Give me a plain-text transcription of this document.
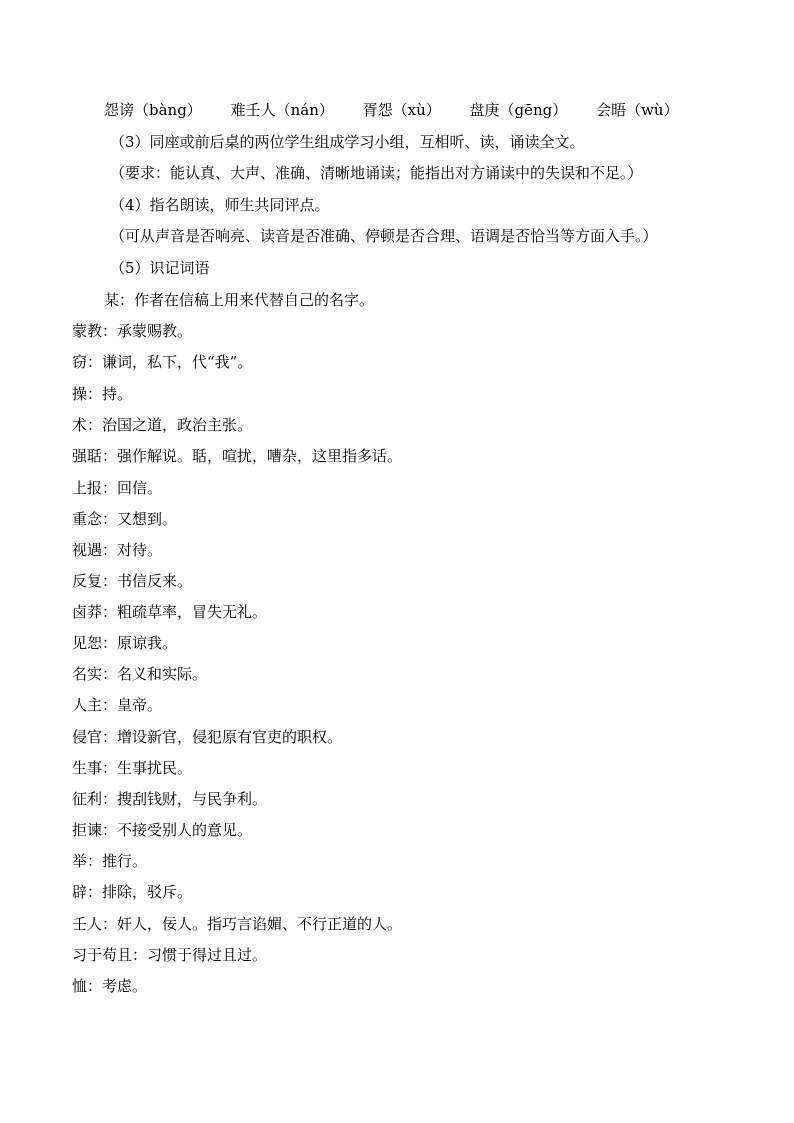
怨谤（bàng） 难壬人（nán） 胥怨（xù） 盘庚（gēng） 会晤（wù）
（3）同座或前后桌的两位学生组成学习小组，互相听、读，诵读全文。
（要求：能认真、大声、准确、清晰地诵读；能指出对方诵读中的失误和不足。）
（4）指名朗读，师生共同评点。
（可从声音是否响亮、读音是否准确、停顿是否合理、语调是否恰当等方面入手。）
（5）识记词语
某：作者在信稿上用来代替自己的名字。
蒙教：承蒙赐教。
窃：谦词，私下，代“我”。
操：持。
术：治国之道，政治主张。
强聒：强作解说。聒，喧扰，嘈杂，这里指多话。
上报：回信。
重念：又想到。
视遇：对待。
反复：书信反来。
卤莽：粗疏草率，冒失无礼。
见恕：原谅我。
名实：名义和实际。
人主：皇帝。
侵官：增设新官，侵犯原有官吏的职权。
生事：生事扰民。
征利：搜刮钱财，与民争利。
拒谏：不接受别人的意见。
举：推行。
辟：排除，驳斥。
壬人：奸人，佞人。指巧言谄媚、不行正道的人。
习于苟且：习惯于得过且过。
恤：考虑。
